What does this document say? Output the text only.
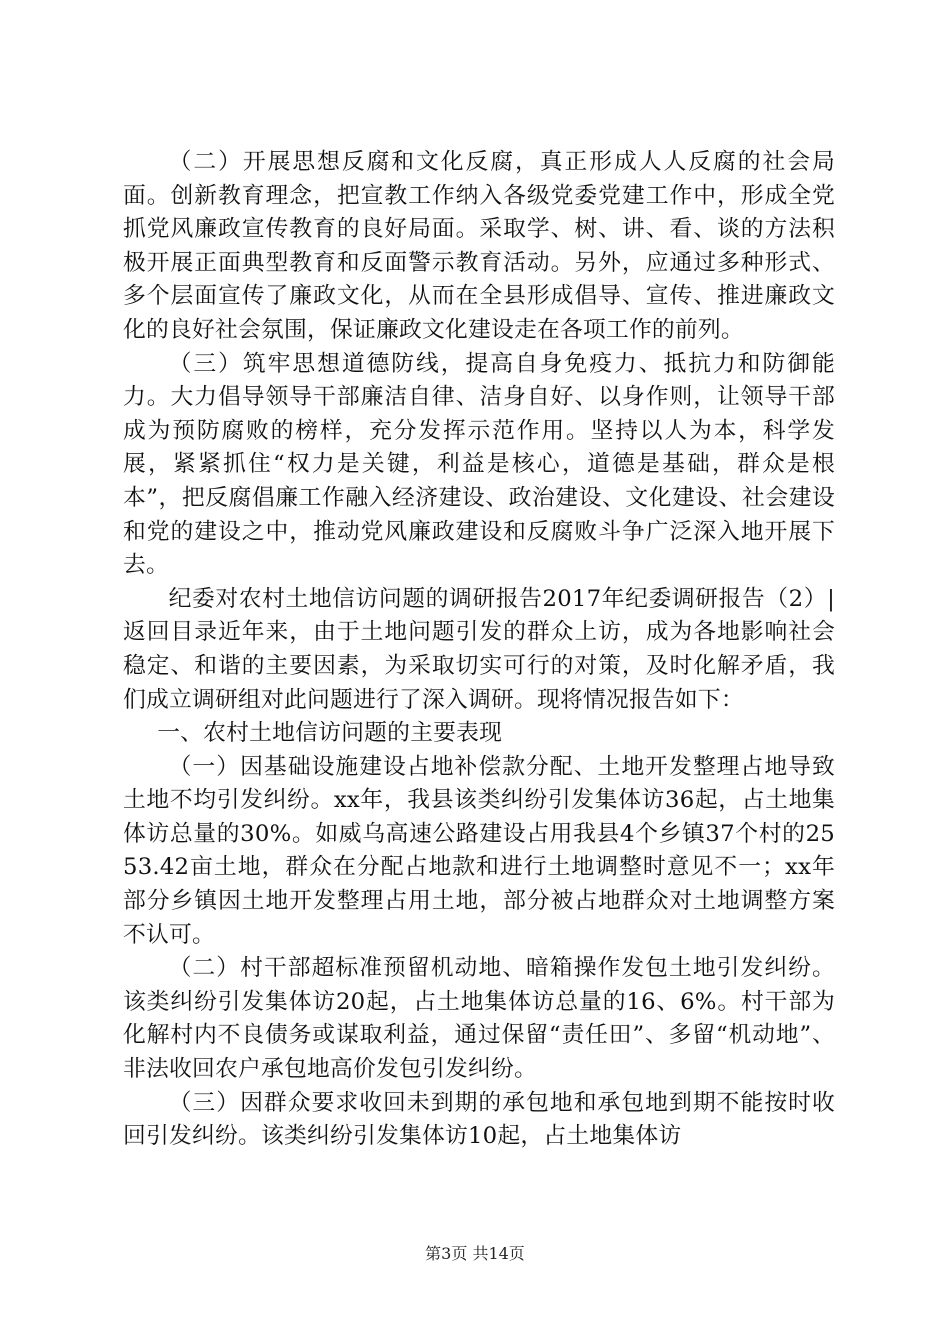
（二）开展思想反腐和文化反腐，真正形成人人反腐的社会局面。创新教育理念，把宣教工作纳入各级党委党建工作中，形成全党抓党风廉政宣传教育的良好局面。采取学、树、讲、看、谈的方法积极开展正面典型教育和反面警示教育活动。另外，应通过多种形式、多个层面宣传了廉政文化，从而在全县形成倡导、宣传、推进廉政文化的良好社会氛围，保证廉政文化建设走在各项工作的前列。

（三）筑牢思想道德防线，提高自身免疫力、抵抗力和防御能力。大力倡导领导干部廉洁自律、洁身自好、以身作则，让领导干部成为预防腐败的榜样，充分发挥示范作用。坚持以人为本，科学发展，紧紧抓住“权力是关键，利益是核心，道德是基础，群众是根本”，把反腐倡廉工作融入经济建设、政治建设、文化建设、社会建设和党的建设之中，推动党风廉政建设和反腐败斗争广泛深入地开展下去。

纪委对农村土地信访问题的调研报告2017年纪委调研报告（2）|返回目录近年来，由于土地问题引发的群众上访，成为各地影响社会稳定、和谐的主要因素，为采取切实可行的对策，及时化解矛盾，我们成立调研组对此问题进行了深入调研。现将情况报告如下：

一、农村土地信访问题的主要表现

（一）因基础设施建设占地补偿款分配、土地开发整理占地导致土地不均引发纠纷。xx年，我县该类纠纷引发集体访36起，占土地集体访总量的30%。如威乌高速公路建设占用我县4个乡镇37个村的2553.42亩土地，群众在分配占地款和进行土地调整时意见不一；xx年部分乡镇因土地开发整理占用土地，部分被占地群众对土地调整方案不认可。

（二）村干部超标准预留机动地、暗箱操作发包土地引发纠纷。该类纠纷引发集体访20起，占土地集体访总量的16、6%。村干部为化解村内不良债务或谋取利益，通过保留“责任田”、多留“机动地”、非法收回农户承包地高价发包引发纠纷。

（三）因群众要求收回未到期的承包地和承包地到期不能按时收回引发纠纷。该类纠纷引发集体访10起，占土地集体访

第3页 共14页
